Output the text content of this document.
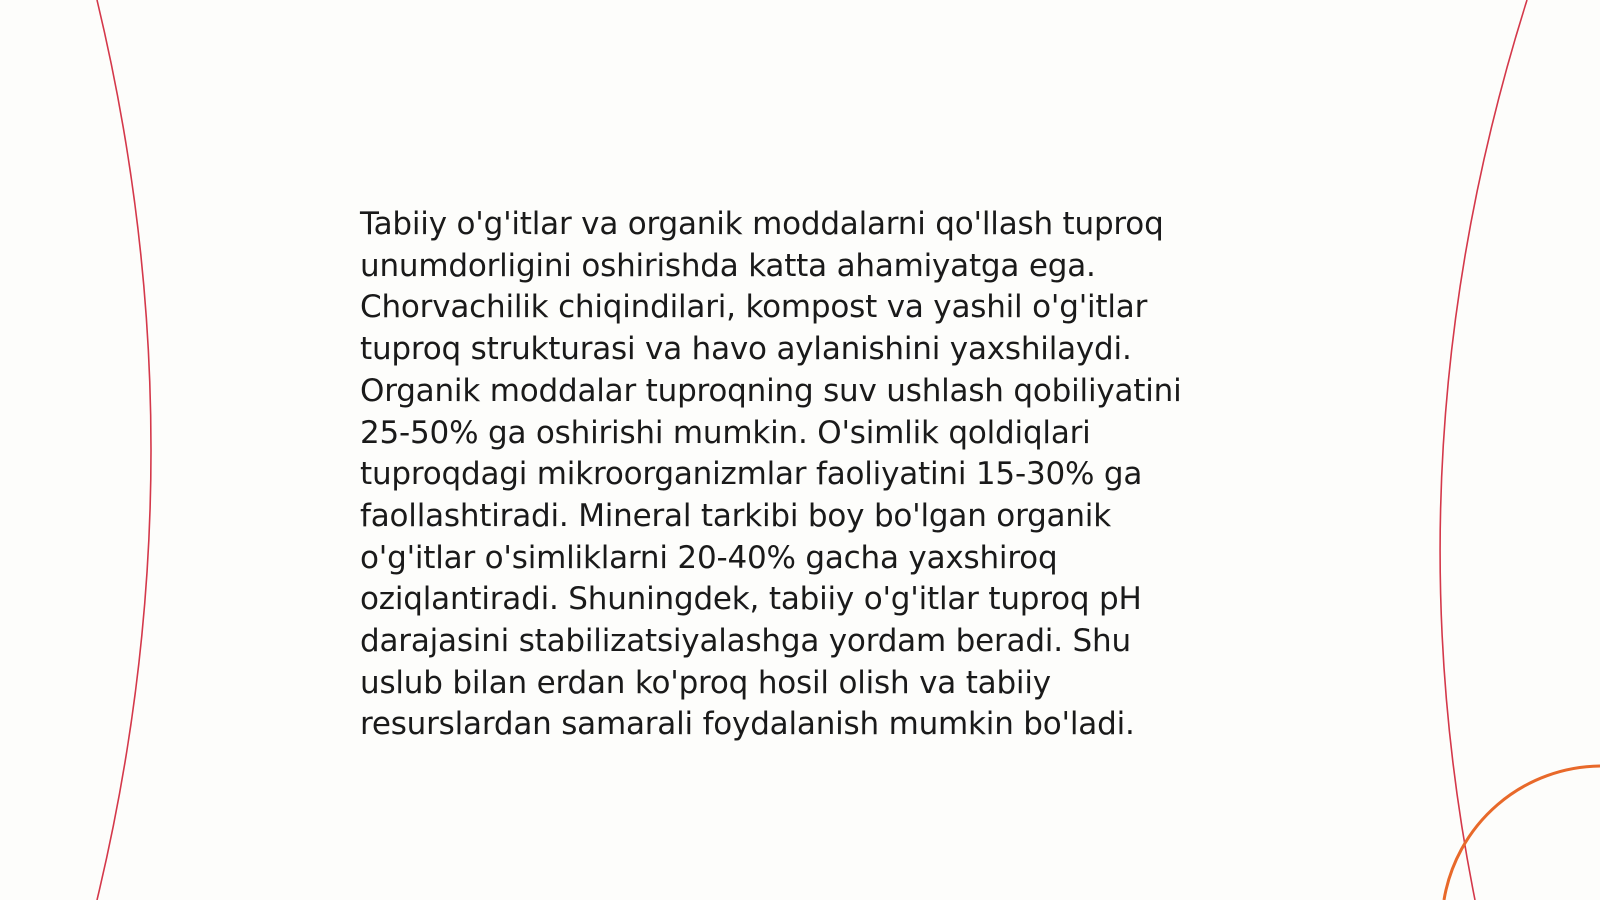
Tabiiy o'g'itlar va organik moddalarni qo'llash tuproq
unumdorligini oshirishda katta ahamiyatga ega.
Chorvachilik chiqindilari, kompost va yashil o'g'itlar
tuproq strukturasi va havo aylanishini yaxshilaydi.
Organik moddalar tuproqning suv ushlash qobiliyatini
25-50% ga oshirishi mumkin. O'simlik qoldiqlari
tuproqdagi mikroorganizmlar faoliyatini 15-30% ga
faollashtiradi. Mineral tarkibi boy bo'lgan organik
o'g'itlar o'simliklarni 20-40% gacha yaxshiroq
oziqlantiradi. Shuningdek, tabiiy o'g'itlar tuproq pH
darajasini stabilizatsiyalashga yordam beradi. Shu
uslub bilan erdan ko'proq hosil olish va tabiiy
resurslardan samarali foydalanish mumkin bo'ladi.
